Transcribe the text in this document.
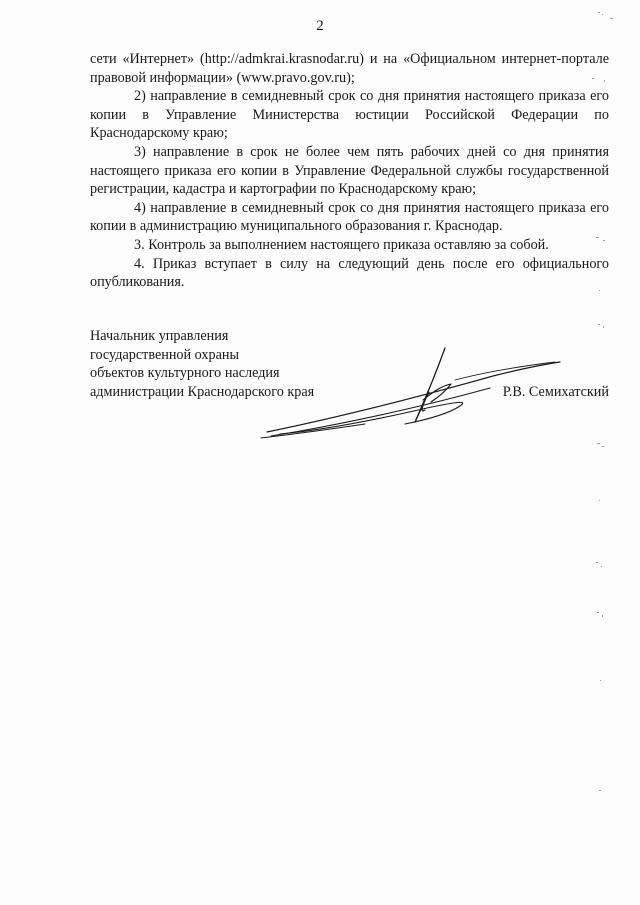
2

сети «Интернет» (http://admkrai.krasnodar.ru) и на «Официальном интернет-портале правовой информации» (www.pravo.gov.ru);

2) направление в семидневный срок со дня принятия настоящего приказа его копии в Управление Министерства юстиции Российской Федерации по Краснодарскому краю;

3) направление в срок не более чем пять рабочих дней со дня принятия настоящего приказа его копии в Управление Федеральной службы государственной регистрации, кадастра и картографии по Краснодарскому краю;

4) направление в семидневный срок со дня принятия настоящего приказа его копии в администрацию муниципального образования г. Краснодар.

3. Контроль за выполнением настоящего приказа оставляю за собой.

4. Приказ вступает в силу на следующий день после его официального опубликования.

Начальник управления
государственной охраны
объектов культурного наследия
администрации Краснодарского края	Р.В. Семихатский
